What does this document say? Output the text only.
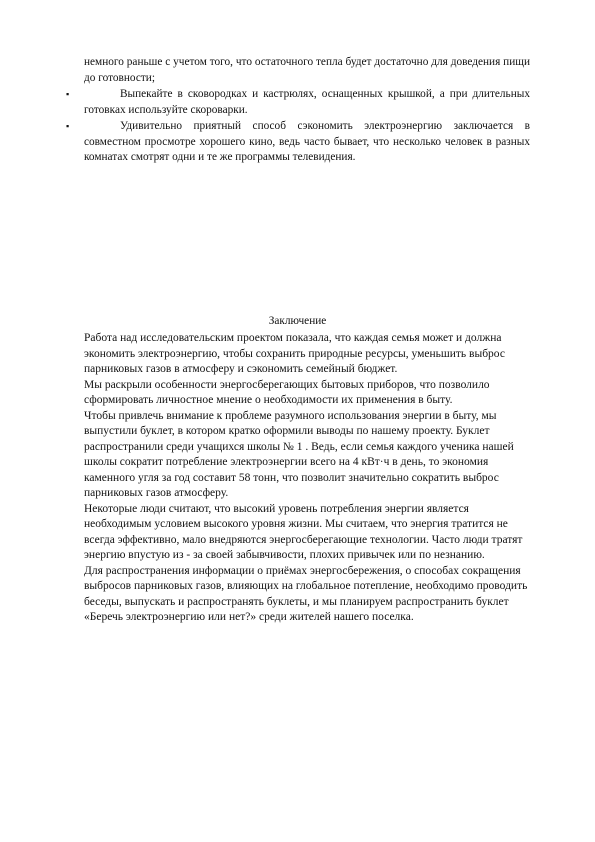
немного раньше с учетом того, что остаточного тепла будет достаточно для доведения пищи до готовности;

▪	Выпекайте в сковородках и кастрюлях, оснащенных крышкой, а при длительных готовках используйте скороварки.

▪	Удивительно приятный способ сэкономить электроэнергию заключается в совместном просмотре хорошего кино, ведь часто бывает, что несколько человек в разных комнатах смотрят одни и те же программы телевидения.

Заключение

Работа над исследовательским проектом показала, что каждая семья может и должна экономить электроэнергию, чтобы сохранить природные ресурсы, уменьшить выброс парниковых газов в атмосферу и сэкономить семейный бюджет.

Мы раскрыли особенности энергосберегающих бытовых приборов, что позволило сформировать личностное мнение о необходимости их применения в быту.

Чтобы привлечь внимание к проблеме разумного использования энергии в быту, мы выпустили буклет, в котором кратко оформили выводы по нашему проекту. Буклет распространили среди учащихся школы № 1 . Ведь, если семья каждого ученика нашей школы сократит потребление электроэнергии всего на 4 кВт·ч в день, то экономия каменного угля за год составит 58 тонн, что позволит значительно сократить выброс парниковых газов атмосферу.

Некоторые люди считают, что высокий уровень потребления энергии является необходимым условием высокого уровня жизни. Мы считаем, что энергия тратится не всегда эффективно, мало внедряются энергосберегающие технологии. Часто люди тратят энергию впустую из - за своей забывчивости, плохих привычек или по незнанию.

Для распространения информации о приёмах энергосбережения, о способах сокращения выбросов парниковых газов, влияющих на глобальное потепление, необходимо проводить беседы, выпускать и распространять буклеты, и мы планируем распространить буклет «Беречь электроэнергию или нет?» среди жителей нашего поселка.
